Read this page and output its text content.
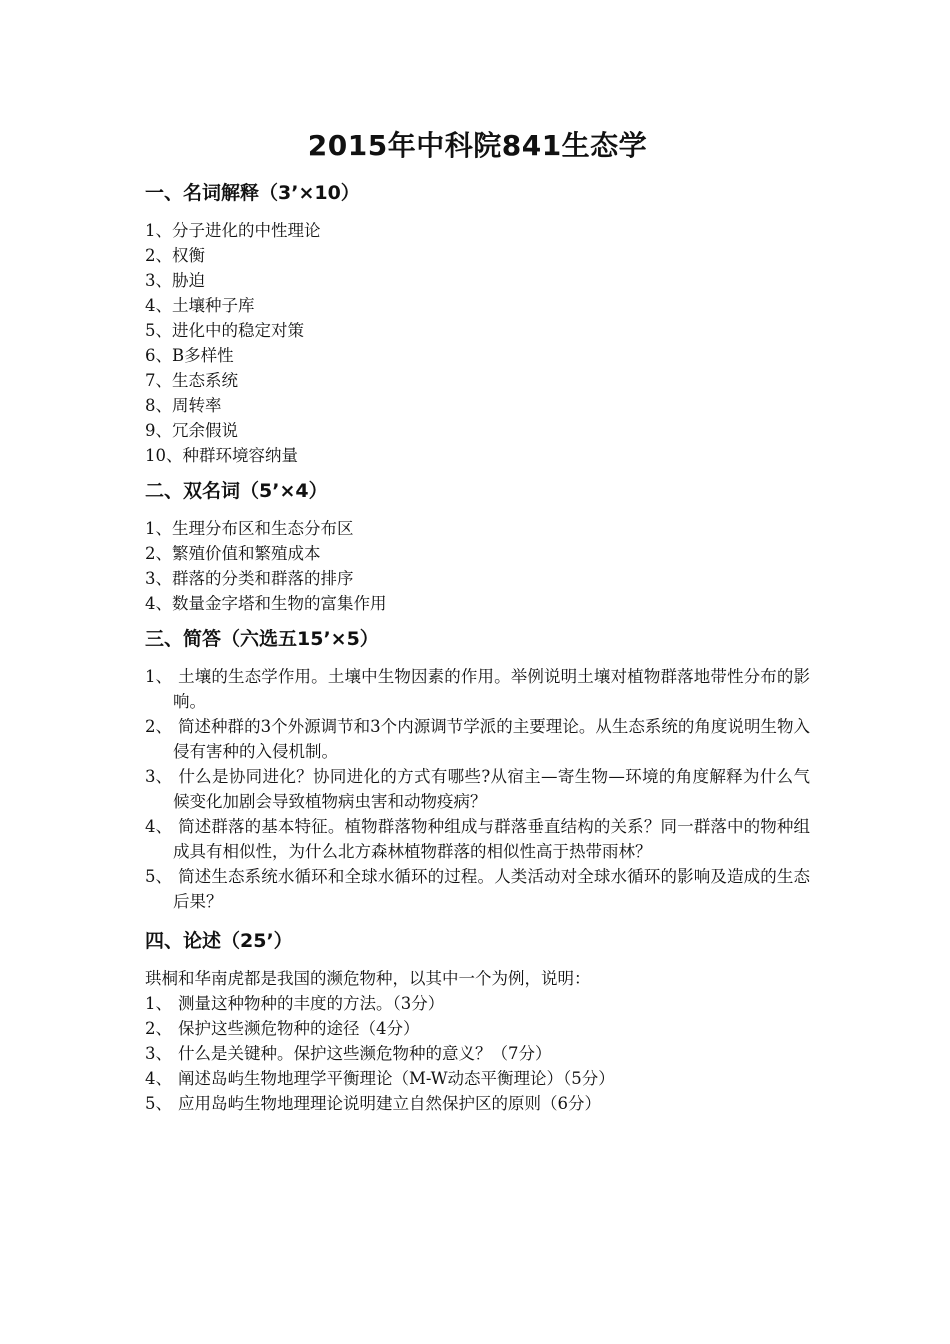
2015年中科院841生态学
一、名词解释（3’×10）
1、分子进化的中性理论
2、权衡
3、胁迫
4、土壤种子库
5、进化中的稳定对策
6、B多样性
7、生态系统
8、周转率
9、冗余假说
10、种群环境容纳量
二、双名词（5’×4）
1、生理分布区和生态分布区
2、繁殖价值和繁殖成本
3、群落的分类和群落的排序
4、数量金字塔和生物的富集作用
三、简答（六选五15’×5）
1、 土壤的生态学作用。土壤中生物因素的作用。举例说明土壤对植物群落地带性分布的影响。
2、 简述种群的3个外源调节和3个内源调节学派的主要理论。从生态系统的角度说明生物入侵有害种的入侵机制。
3、 什么是协同进化？协同进化的方式有哪些?从宿主—寄生物—环境的角度解释为什么气候变化加剧会导致植物病虫害和动物疫病？
4、 简述群落的基本特征。植物群落物种组成与群落垂直结构的关系？同一群落中的物种组成具有相似性，为什么北方森林植物群落的相似性高于热带雨林？
5、 简述生态系统水循环和全球水循环的过程。人类活动对全球水循环的影响及造成的生态后果？
四、论述（25’）

珙桐和华南虎都是我国的濒危物种，以其中一个为例，说明：

1、 测量这种物种的丰度的方法。（3分）
2、 保护这些濒危物种的途径（4分）
3、 什么是关键种。保护这些濒危物种的意义？（7分）
4、 阐述岛屿生物地理学平衡理论（M-W动态平衡理论）（5分）
5、 应用岛屿生物地理理论说明建立自然保护区的原则（6分）
